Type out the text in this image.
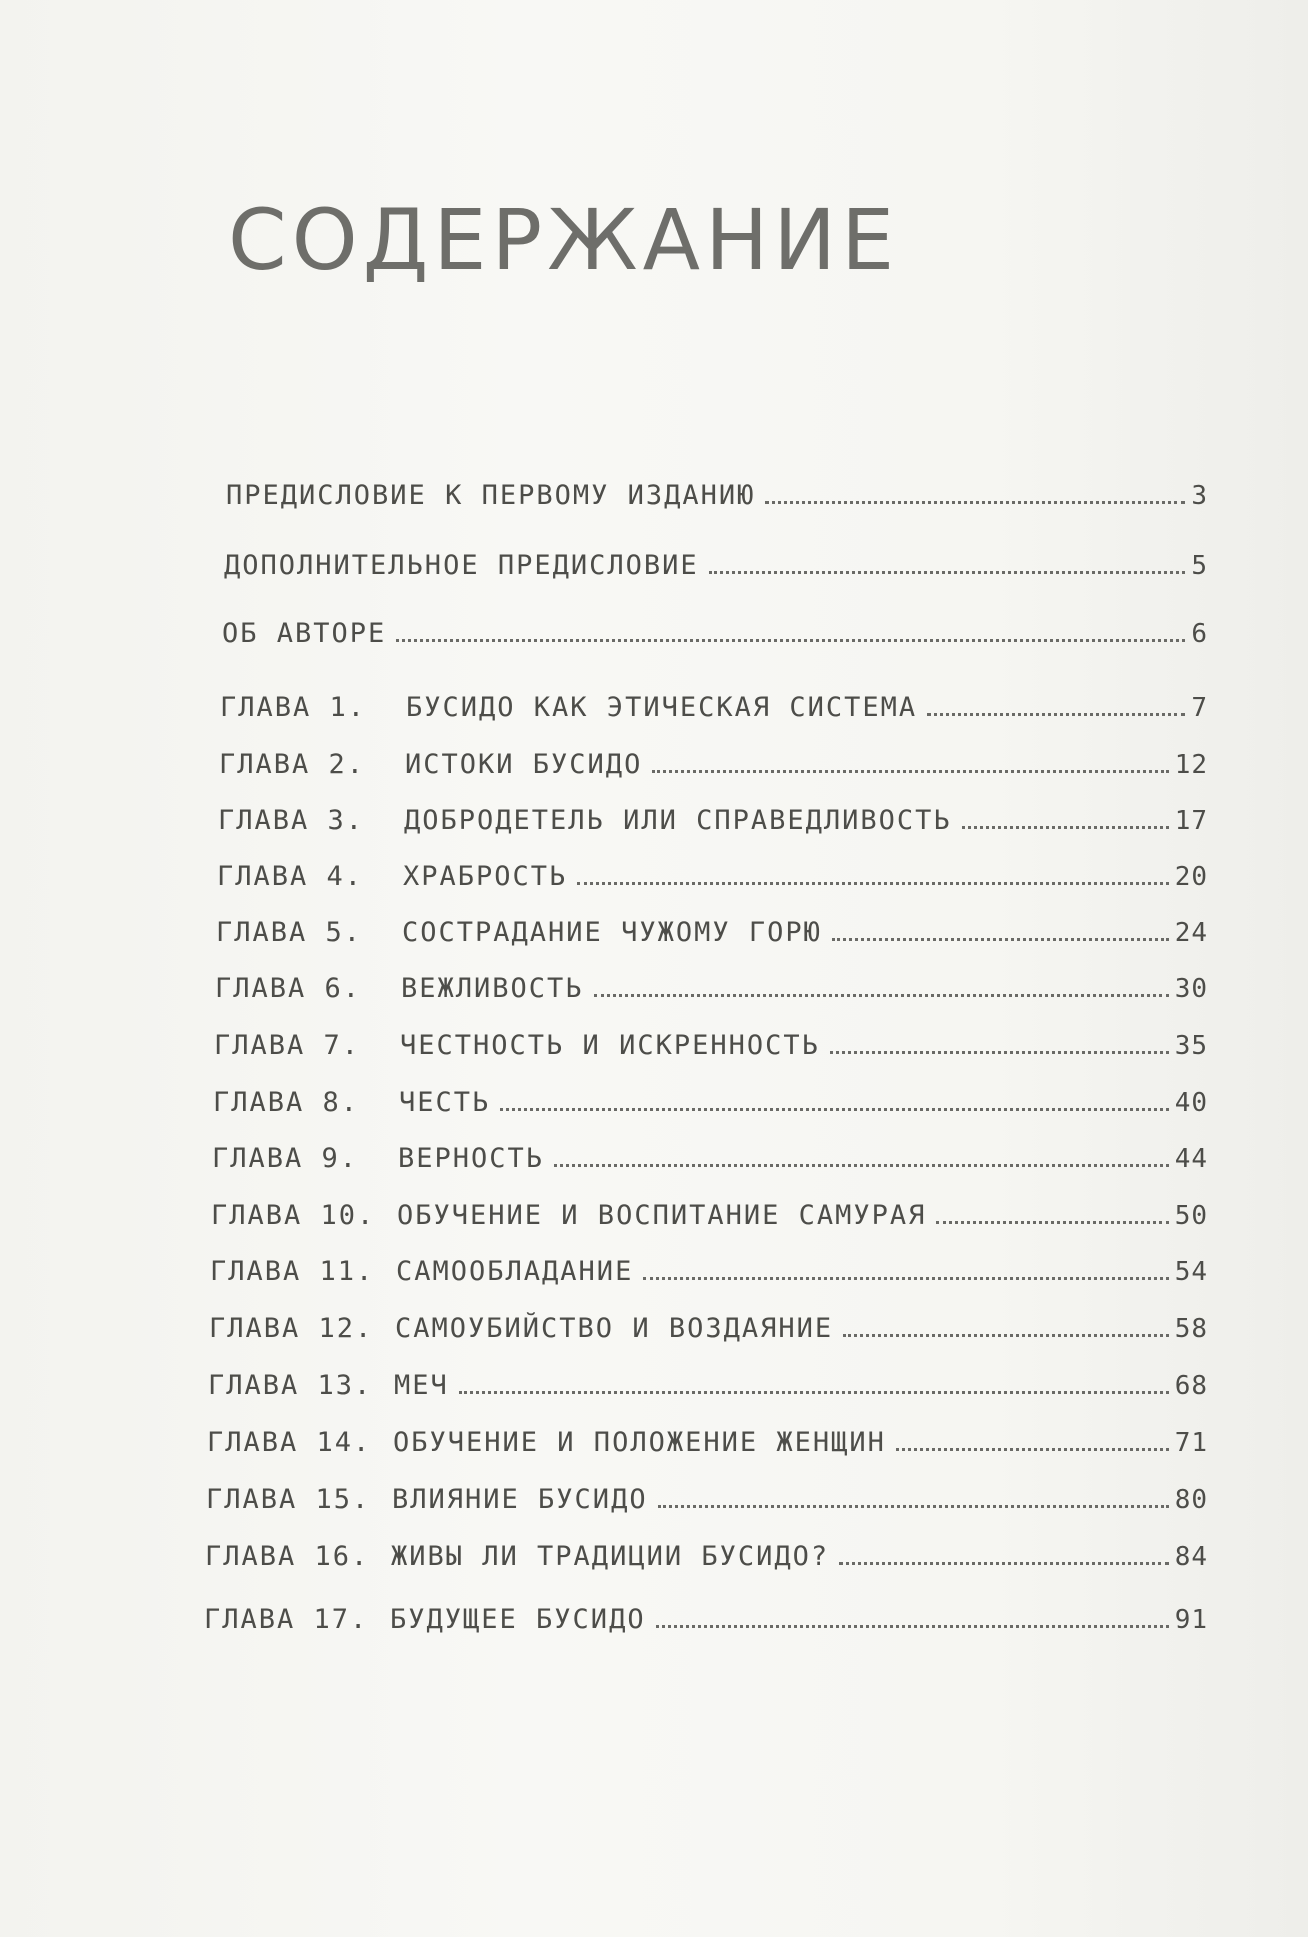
СОДЕРЖАНИЕ
ПРЕДИСЛОВИЕ К ПЕРВОМУ ИЗДАНИЮ	3
ДОПОЛНИТЕЛЬНОЕ ПРЕДИСЛОВИЕ	5
ОБ АВТОРЕ	6
ГЛАВА 1.	БУСИДО КАК ЭТИЧЕСКАЯ СИСТЕМА	7
ГЛАВА 2.	ИСТОКИ БУСИДО	12
ГЛАВА 3.	ДОБРОДЕТЕЛЬ ИЛИ СПРАВЕДЛИВОСТЬ	17
ГЛАВА 4.	ХРАБРОСТЬ	20
ГЛАВА 5.	СОСТРАДАНИЕ ЧУЖОМУ ГОРЮ	24
ГЛАВА 6.	ВЕЖЛИВОСТЬ	30
ГЛАВА 7.	ЧЕСТНОСТЬ И ИСКРЕННОСТЬ	35
ГЛАВА 8.	ЧЕСТЬ	40
ГЛАВА 9.	ВЕРНОСТЬ	44
ГЛАВА 10. ОБУЧЕНИЕ И ВОСПИТАНИЕ САМУРАЯ	50
ГЛАВА 11. САМООБЛАДАНИЕ	54
ГЛАВА 12. САМОУБИЙСТВО И ВОЗДАЯНИЕ	58
ГЛАВА 13. МЕЧ	68
ГЛАВА 14. ОБУЧЕНИЕ И ПОЛОЖЕНИЕ ЖЕНЩИН	71
ГЛАВА 15. ВЛИЯНИЕ БУСИДО	80
ГЛАВА 16. ЖИВЫ ЛИ ТРАДИЦИИ БУСИДО?	84
ГЛАВА 17. БУДУЩЕЕ БУСИДО	91
